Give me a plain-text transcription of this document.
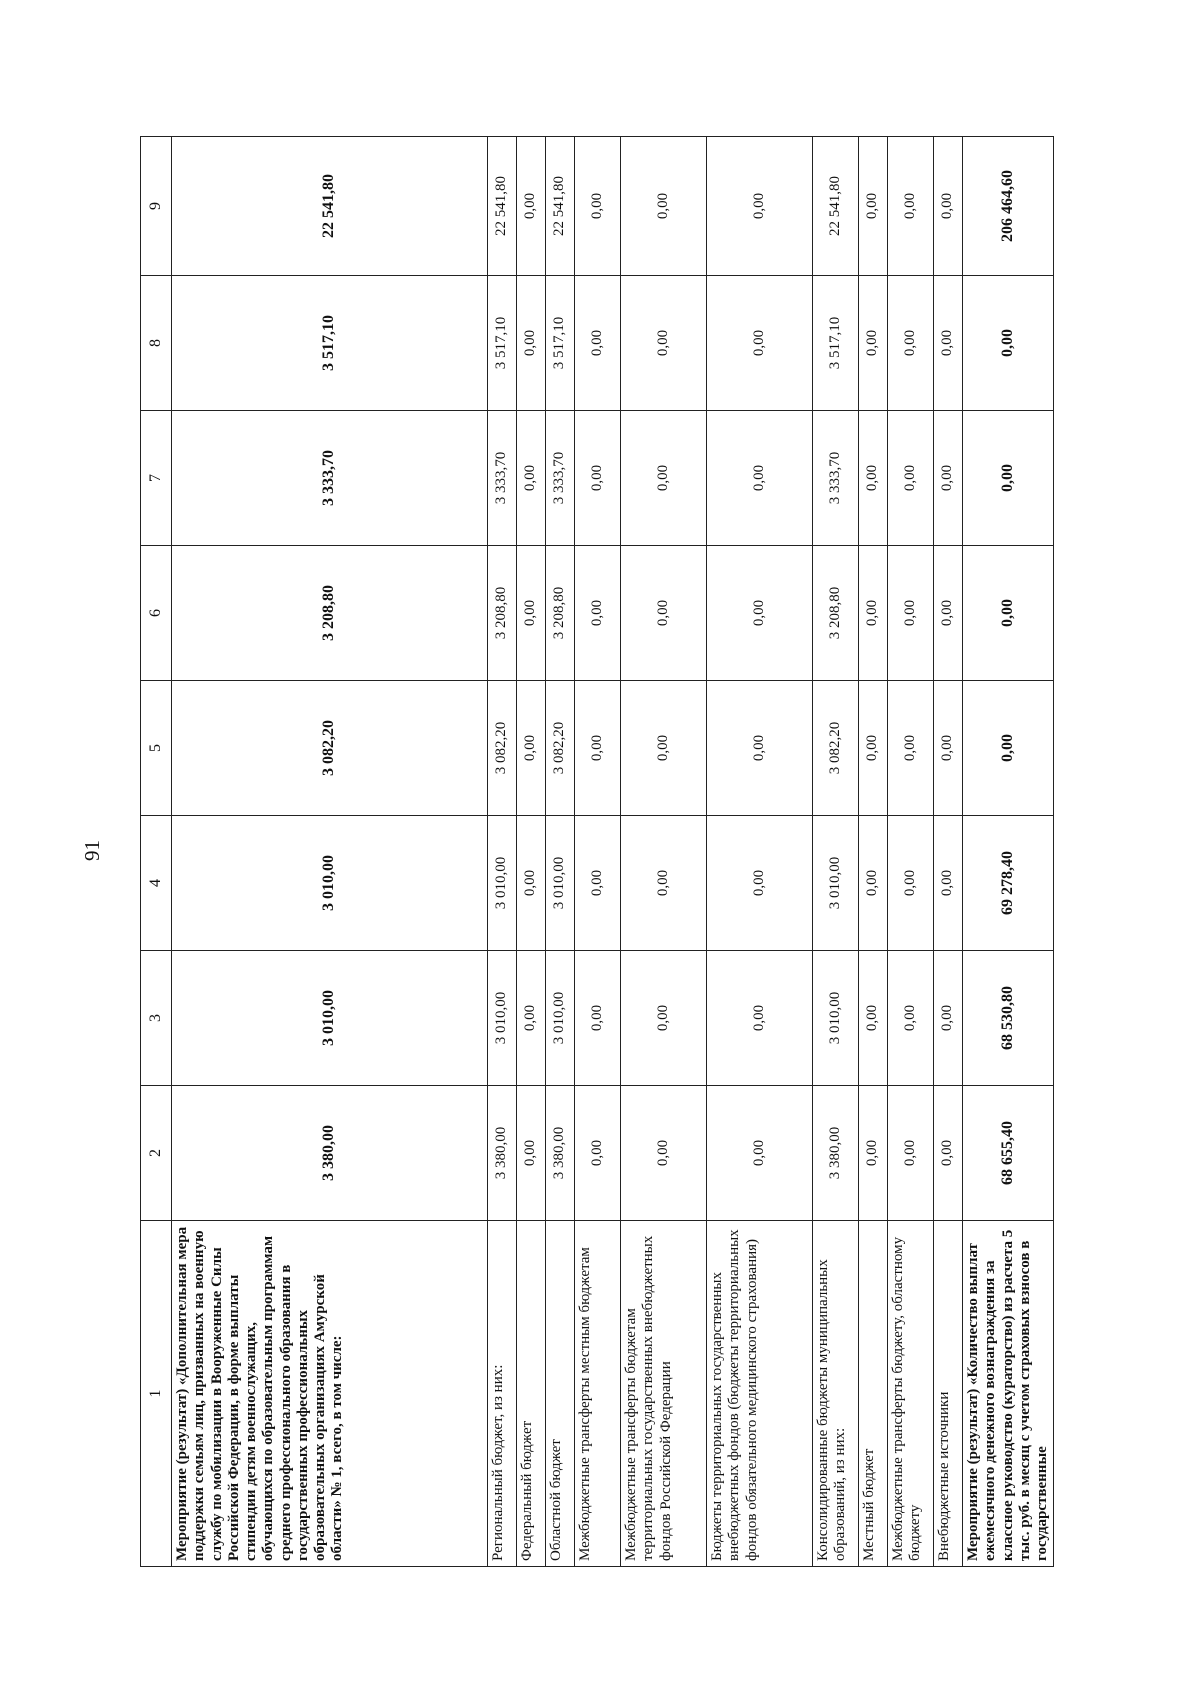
91
1	2	3	4	5	6	7	8	9
Мероприятие (результат) «Дополнительная мера поддержки семьям лиц, призванных на военную службу по мобилизации в Вооруженные Силы Российской Федерации, в форме выплаты стипендии детям военнослужащих, обучающихся по образовательным программам среднего профессионального образования в государственных профессиональных образовательных организациях Амурской области» № 1, всего, в том числе:	3 380,00	3 010,00	3 010,00	3 082,20	3 208,80	3 333,70	3 517,10	22 541,80
Региональный бюджет, из них:	3 380,00	3 010,00	3 010,00	3 082,20	3 208,80	3 333,70	3 517,10	22 541,80
Федеральный бюджет	0,00	0,00	0,00	0,00	0,00	0,00	0,00	0,00
Областной бюджет	3 380,00	3 010,00	3 010,00	3 082,20	3 208,80	3 333,70	3 517,10	22 541,80
Межбюджетные трансферты местным бюджетам	0,00	0,00	0,00	0,00	0,00	0,00	0,00	0,00
Межбюджетные трансферты бюджетам территориальных государственных внебюджетных фондов Российской Федерации	0,00	0,00	0,00	0,00	0,00	0,00	0,00	0,00
Бюджеты территориальных государственных внебюджетных фондов (бюджеты территориальных фондов обязательного медицинского страхования)	0,00	0,00	0,00	0,00	0,00	0,00	0,00	0,00
Консолидированные бюджеты муниципальных образований, из них:	3 380,00	3 010,00	3 010,00	3 082,20	3 208,80	3 333,70	3 517,10	22 541,80
Местный бюджет	0,00	0,00	0,00	0,00	0,00	0,00	0,00	0,00
Межбюджетные трансферты бюджету, областному бюджету	0,00	0,00	0,00	0,00	0,00	0,00	0,00	0,00
Внебюджетные источники	0,00	0,00	0,00	0,00	0,00	0,00	0,00	0,00
Мероприятие (результат) «Количество выплат ежемесячного денежного вознаграждения за классное руководство (кураторство) из расчета 5 тыс. руб. в месяц с учетом страховых взносов в государственные	68 655,40	68 530,80	69 278,40	0,00	0,00	0,00	0,00	206 464,60
